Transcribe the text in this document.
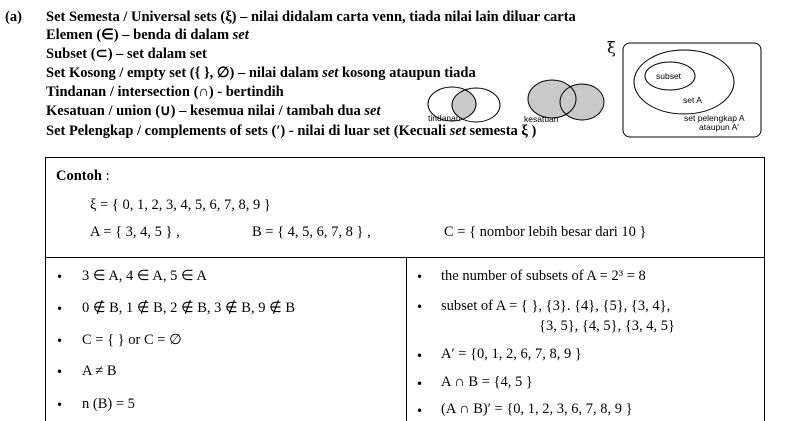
(a) Set Semesta / Universal sets (ξ) – nilai didalam carta venn, tiada nilai lain diluar carta
Elemen (∈) – benda di dalam set
Subset (⊂) – set dalam set
Set Kosong / empty set ({ }, ∅) – nilai dalam set kosong ataupun tiada
Tindanan / intersection (∩) - bertindih
Kesatuan / union (∪) – kesemua nilai / tambah dua set
Set Pelengkap / complements of sets (′) - nilai di luar set (Kecuali set semesta ξ )
tindanan	kesatuan
ξ
subset
set A
set pelengkap A
ataupun A′
Contoh :
ξ = { 0, 1, 2, 3, 4, 5, 6, 7, 8, 9 }
A = { 3, 4, 5 } ,	B = { 4, 5, 6, 7, 8 } ,	C = { nombor lebih besar dari 10 }
• 3 ∈ A, 4 ∈ A, 5 ∈ A
• 0 ∉ B, 1 ∉ B, 2 ∉ B, 3 ∉ B, 9 ∉ B
• C = { } or C = ∅
• A ≠ B
• n (B) = 5
• the number of subsets of A = 2³ = 8
• subset of A = { }, {3}. {4}, {5}, {3, 4},
{3, 5}, {4, 5}, {3, 4, 5}
• A′ = {0, 1, 2, 6, 7, 8, 9 }
• A ∩ B = {4, 5 }
• (A ∩ B)′ = {0, 1, 2, 3, 6, 7, 8, 9 }
